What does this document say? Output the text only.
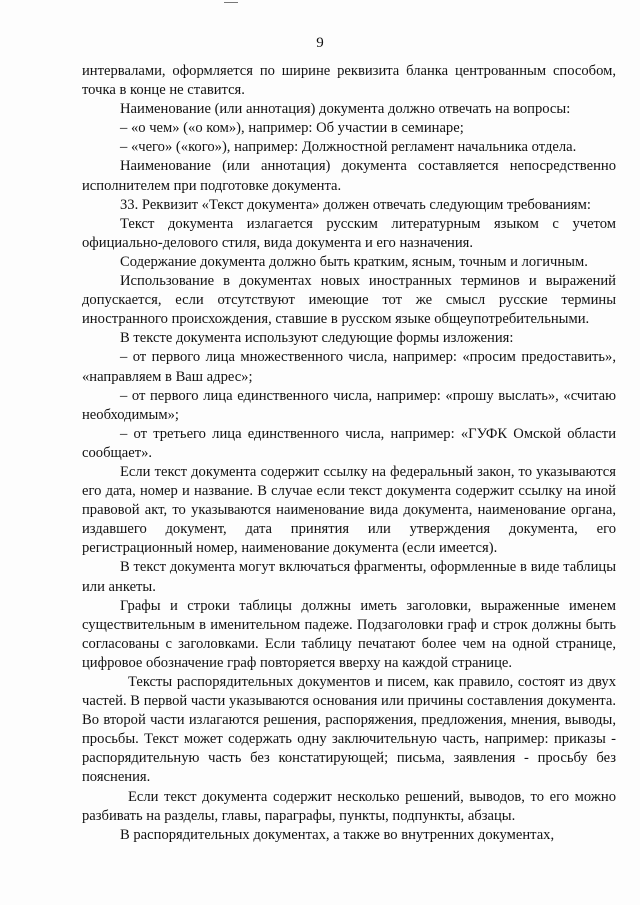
9

интервалами, оформляется по ширине реквизита бланка центрованным способом, точка в конце не ставится.

Наименование (или аннотация) документа должно отвечать на вопросы:

– «о чем» («о ком»), например: Об участии в семинаре;

– «чего» («кого»), например: Должностной регламент начальника отдела.

Наименование (или аннотация) документа составляется непосредственно исполнителем при подготовке документа.

33. Реквизит «Текст документа» должен отвечать следующим требованиям:

Текст документа излагается русским литературным языком с учетом официально-делового стиля, вида документа и его назначения.

Содержание документа должно быть кратким, ясным, точным и логичным.

Использование в документах новых иностранных терминов и выражений допускается, если отсутствуют имеющие тот же смысл русские термины иностранного происхождения, ставшие в русском языке общеупотребительными.

В тексте документа используют следующие формы изложения:

– от первого лица множественного числа, например: «просим предоставить», «направляем в Ваш адрес»;

– от первого лица единственного числа, например: «прошу выслать», «считаю необходимым»;

– от третьего лица единственного числа, например: «ГУФК Омской области сообщает».

Если текст документа содержит ссылку на федеральный закон, то указываются его дата, номер и название. В случае если текст документа содержит ссылку на иной правовой акт, то указываются наименование вида документа, наименование органа, издавшего документ, дата принятия или утверждения документа, его регистрационный номер, наименование документа (если имеется).

В текст документа могут включаться фрагменты, оформленные в виде таблицы или анкеты.

Графы и строки таблицы должны иметь заголовки, выраженные именем существительным в именительном падеже. Подзаголовки граф и строк должны быть согласованы с заголовками. Если таблицу печатают более чем на одной странице, цифровое обозначение граф повторяется вверху на каждой странице.

Тексты распорядительных документов и писем, как правило, состоят из двух частей. В первой части указываются основания или причины составления документа. Во второй части излагаются решения, распоряжения, предложения, мнения, выводы, просьбы. Текст может содержать одну заключительную часть, например: приказы - распорядительную часть без констатирующей; письма, заявления - просьбу без пояснения.

Если текст документа содержит несколько решений, выводов, то его можно разбивать на разделы, главы, параграфы, пункты, подпункты, абзацы.

В распорядительных документах, а также во внутренних документах,
